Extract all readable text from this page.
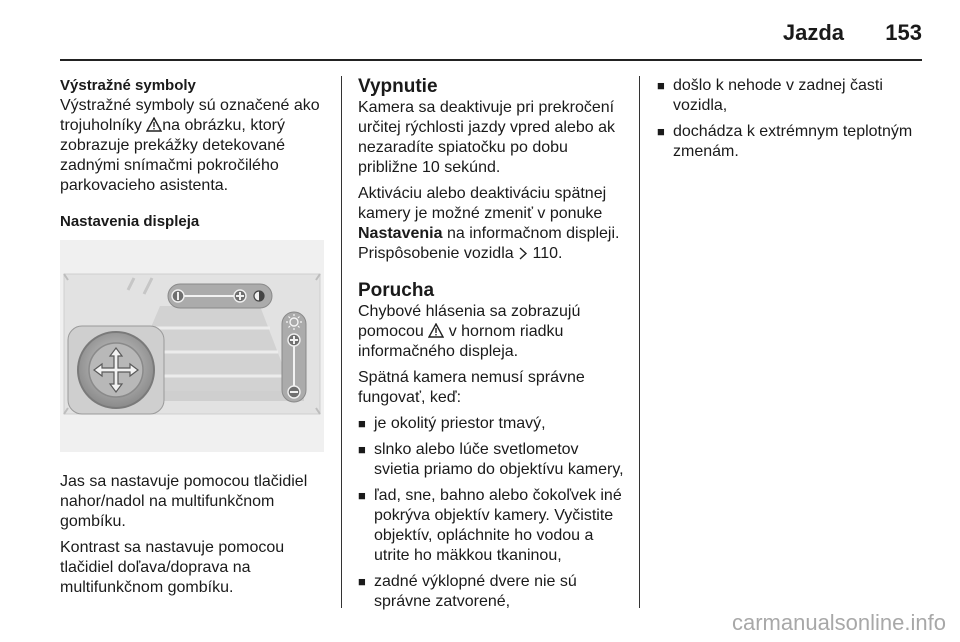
Jazda 153
Výstražné symboly

Výstražné symboly sú označené ako trojuholníky na obrázku, ktorý zobrazuje prekážky detekované zadnými snímačmi pokročilého parkovacieho asistenta.

Nastavenia displeja

Jas sa nastavuje pomocou tlačidiel nahor/nadol na multifunkčnom gombíku.

Kontrast sa nastavuje pomocou tlačidiel doľava/doprava na multifunkčnom gombíku.

Vypnutie

Kamera sa deaktivuje pri prekročení určitej rýchlosti jazdy vpred alebo ak nezaradíte spiatočku po dobu približne 10 sekúnd.

Aktiváciu alebo deaktiváciu spätnej kamery je možné zmeniť v ponuke Nastavenia na informačnom displeji. Prispôsobenie vozidla  110.

Porucha

Chybové hlásenia sa zobrazujú pomocou  v hornom riadku informačného displeja.

Spätná kamera nemusí správne fungovať, keď:

■ je okolitý priestor tmavý,
■ slnko alebo lúče svetlometov svietia priamo do objektívu kamery,
■ ľad, sne, bahno alebo čokoľvek iné pokrýva objektív kamery. Vyčistite objektív, opláchnite ho vodou a utrite ho mäkkou tkaninou,
■ zadné výklopné dvere nie sú správne zatvorené,
■ došlo k nehode v zadnej časti vozidla,
■ dochádza k extrémnym teplotným zmenám.
carmanualsonline.info
